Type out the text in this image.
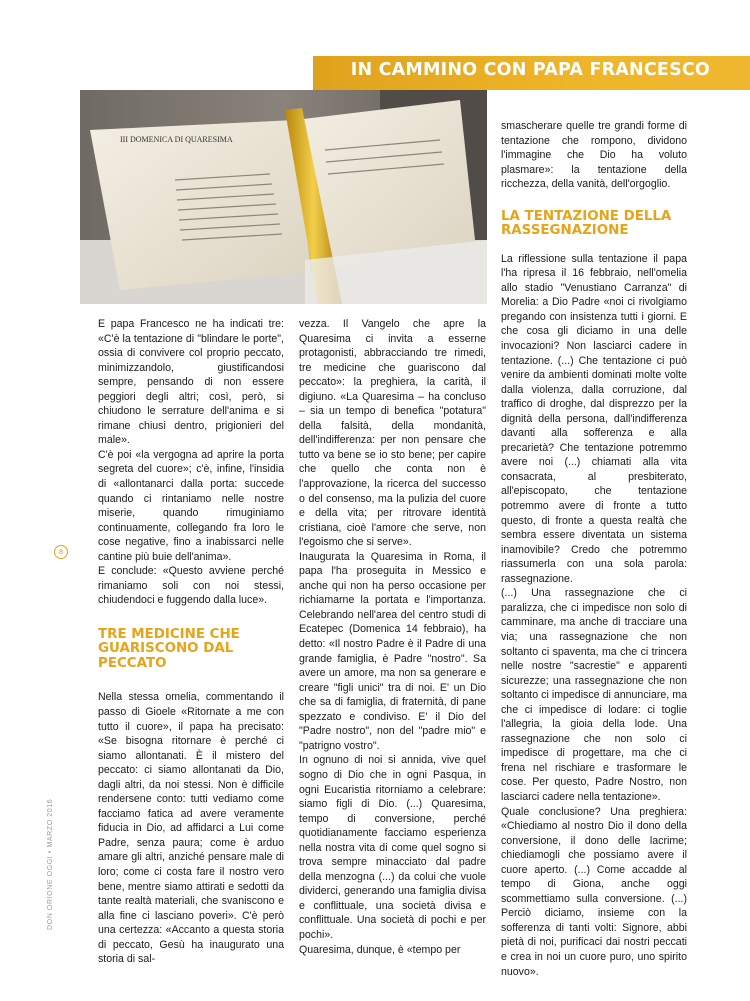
IN CAMMINO CON PAPA FRANCESCO
III DOMENICA DI QUARESIMA
8
DON ORIONE OGGI • MARZO 2016

E papa Francesco ne ha indicati tre: «C'è la tentazione di "blindare le porte", ossia di convivere col proprio peccato, minimizzandolo, giustificandosi sempre, pensando di non essere peggiori degli altri; così, però, si chiudono le serrature dell'anima e si rimane chiusi dentro, prigionieri del male».

C'è poi «la vergogna ad aprire la porta segreta del cuore»; c'è, infine, l'insidia di «allontanarci dalla porta: succede quando ci rintaniamo nelle nostre miserie, quando rimuginiamo continuamente, collegando fra loro le cose negative, fino a inabissarci nelle cantine più buie dell'anima».

E conclude: «Questo avviene perché rimaniamo soli con noi stessi, chiudendoci e fuggendo dalla luce».

TRE MEDICINE CHE GUARISCONO DAL PECCATO

Nella stessa omelia, commentando il passo di Gioele «Ritornate a me con tutto il cuore», il papa ha precisato: «Se bisogna ritornare è perché ci siamo allontanati. È il mistero del peccato: ci siamo allontanati da Dio, dagli altri, da noi stessi. Non è difficile rendersene conto: tutti vediamo come facciamo fatica ad avere veramente fiducia in Dio, ad affidarci a Lui come Padre, senza paura; come è arduo amare gli altri, anziché pensare male di loro; come ci costa fare il nostro vero bene, mentre siamo attirati e sedotti da tante realtà materiali, che svaniscono e alla fine ci lasciano poveri». C'è però una certezza: «Accanto a questa storia di peccato, Gesù ha inaugurato una storia di sal-

vezza. Il Vangelo che apre la Quaresima ci invita a esserne protagonisti, abbracciando tre rimedi, tre medicine che guariscono dal peccato»: la preghiera, la carità, il digiuno. «La Quaresima – ha concluso – sia un tempo di benefica "potatura" della falsità, della mondanità, dell'indifferenza: per non pensare che tutto va bene se io sto bene; per capire che quello che conta non è l'approvazione, la ricerca del successo o del consenso, ma la pulizia del cuore e della vita; per ritrovare identità cristiana, cioè l'amore che serve, non l'egoismo che si serve».

Inaugurata la Quaresima in Roma, il papa l'ha proseguita in Messico e anche qui non ha perso occasione per richiamarne la portata e l'importanza. Celebrando nell'area del centro studi di Ecatepec (Domenica 14 febbraio), ha detto: «Il nostro Padre è il Padre di una grande famiglia, è Padre "nostro". Sa avere un amore, ma non sa generare e creare "figli unici" tra di noi. E' un Dio che sa di famiglia, di fraternità, di pane spezzato e condiviso. E' il Dio del "Padre nostro", non del "padre mio" e "patrigno vostro".

In ognuno di noi si annida, vive quel sogno di Dio che in ogni Pasqua, in ogni Eucaristia ritorniamo a celebrare: siamo figli di Dio. (...) Quaresima, tempo di conversione, perché quotidianamente facciamo esperienza nella nostra vita di come quel sogno si trova sempre minacciato dal padre della menzogna (...) da colui che vuole dividerci, generando una famiglia divisa e conflittuale, una società divisa e conflittuale. Una società di pochi e per pochi».

Quaresima, dunque, è «tempo per

smascherare quelle tre grandi forme di tentazione che rompono, dividono l'immagine che Dio ha voluto plasmare»: la tentazione della ricchezza, della vanità, dell'orgoglio.

LA TENTAZIONE DELLA RASSEGNAZIONE

La riflessione sulla tentazione il papa l'ha ripresa il 16 febbraio, nell'omelia allo stadio "Venustiano Carranza" di Morelia: a Dio Padre «noi ci rivolgiamo pregando con insistenza tutti i giorni. E che cosa gli diciamo in una delle invocazioni? Non lasciarci cadere in tentazione. (...) Che tentazione ci può venire da ambienti dominati molte volte dalla violenza, dalla corruzione, dal traffico di droghe, dal disprezzo per la dignità della persona, dall'indifferenza davanti alla sofferenza e alla precarietà? Che tentazione potremmo avere noi (...) chiamati alla vita consacrata, al presbiterato, all'episcopato, che tentazione potremmo avere di fronte a tutto questo, di fronte a questa realtà che sembra essere diventata un sistema inamovibile? Credo che potremmo riassumerla con una sola parola: rassegnazione.

(...) Una rassegnazione che ci paralizza, che ci impedisce non solo di camminare, ma anche di tracciare una via; una rassegnazione che non soltanto ci spaventa, ma che ci trincera nelle nostre "sacrestie" e apparenti sicurezze; una rassegnazione che non soltanto ci impedisce di annunciare, ma che ci impedisce di lodare: ci toglie l'allegria, la gioia della lode. Una rassegnazione che non solo ci impedisce di progettare, ma che ci frena nel rischiare e trasformare le cose. Per questo, Padre Nostro, non lasciarci cadere nella tentazione».

Quale conclusione? Una preghiera: «Chiediamo al nostro Dio il dono della conversione, il dono delle lacrime; chiediamogli che possiamo avere il cuore aperto. (...) Come accadde al tempo di Giona, anche oggi scommettiamo sulla conversione. (...) Perciò diciamo, insieme con la sofferenza di tanti volti: Signore, abbi pietà di noi, purificaci dai nostri peccati e crea in noi un cuore puro, uno spirito nuovo».
